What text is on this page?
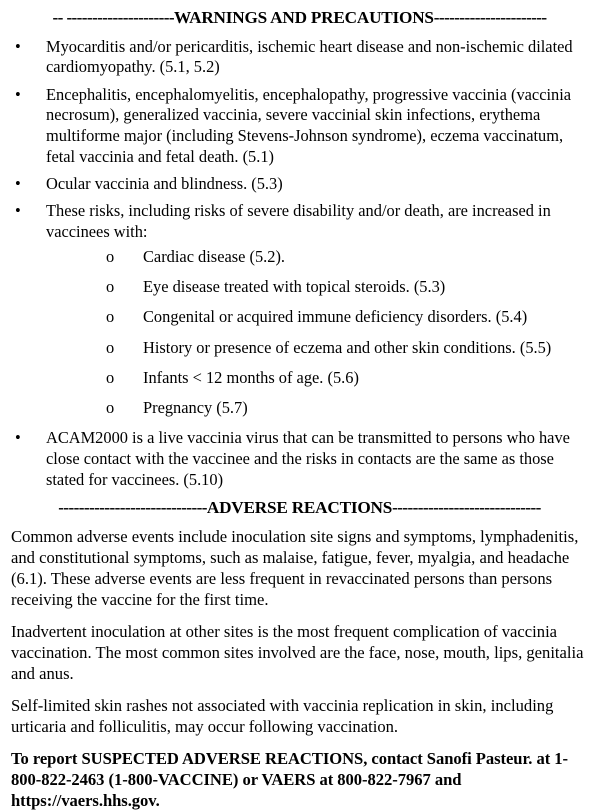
-- ---------------------WARNINGS AND PRECAUTIONS----------------------
•
Myocarditis and/or pericarditis, ischemic heart disease and non-ischemic dilated cardiomyopathy. (5.1, 5.2)
•
Encephalitis, encephalomyelitis, encephalopathy, progressive vaccinia (vaccinia necrosum), generalized vaccinia, severe vaccinial skin infections, erythema multiforme major (including Stevens-Johnson syndrome), eczema vaccinatum, fetal vaccinia and fetal death. (5.1)
•
Ocular vaccinia and blindness. (5.3)
•
These risks, including risks of severe disability and/or death, are increased in vaccinees with:
o
Cardiac disease (5.2).
o
Eye disease treated with topical steroids. (5.3)
o
Congenital or acquired immune deficiency disorders. (5.4)
o
History or presence of eczema and other skin conditions. (5.5)
o
Infants < 12 months of age. (5.6)
o
Pregnancy (5.7)
•
ACAM2000 is a live vaccinia virus that can be transmitted to persons who have close contact with the vaccinee and the risks in contacts are the same as those stated for vaccinees. (5.10)
-----------------------------ADVERSE REACTIONS-----------------------------

Common adverse events include inoculation site signs and symptoms, lymphadenitis, and constitutional symptoms, such as malaise, fatigue, fever, myalgia, and headache (6.1). These adverse events are less frequent in revaccinated persons than persons receiving the vaccine for the first time.

Inadvertent inoculation at other sites is the most frequent complication of vaccinia vaccination. The most common sites involved are the face, nose, mouth, lips, genitalia and anus.

Self-limited skin rashes not associated with vaccinia replication in skin, including urticaria and folliculitis, may occur following vaccination.

To report SUSPECTED ADVERSE REACTIONS, contact Sanofi Pasteur. at 1-800-822-2463 (1-800-VACCINE) or VAERS at 800-822-7967 and https://vaers.hhs.gov.
